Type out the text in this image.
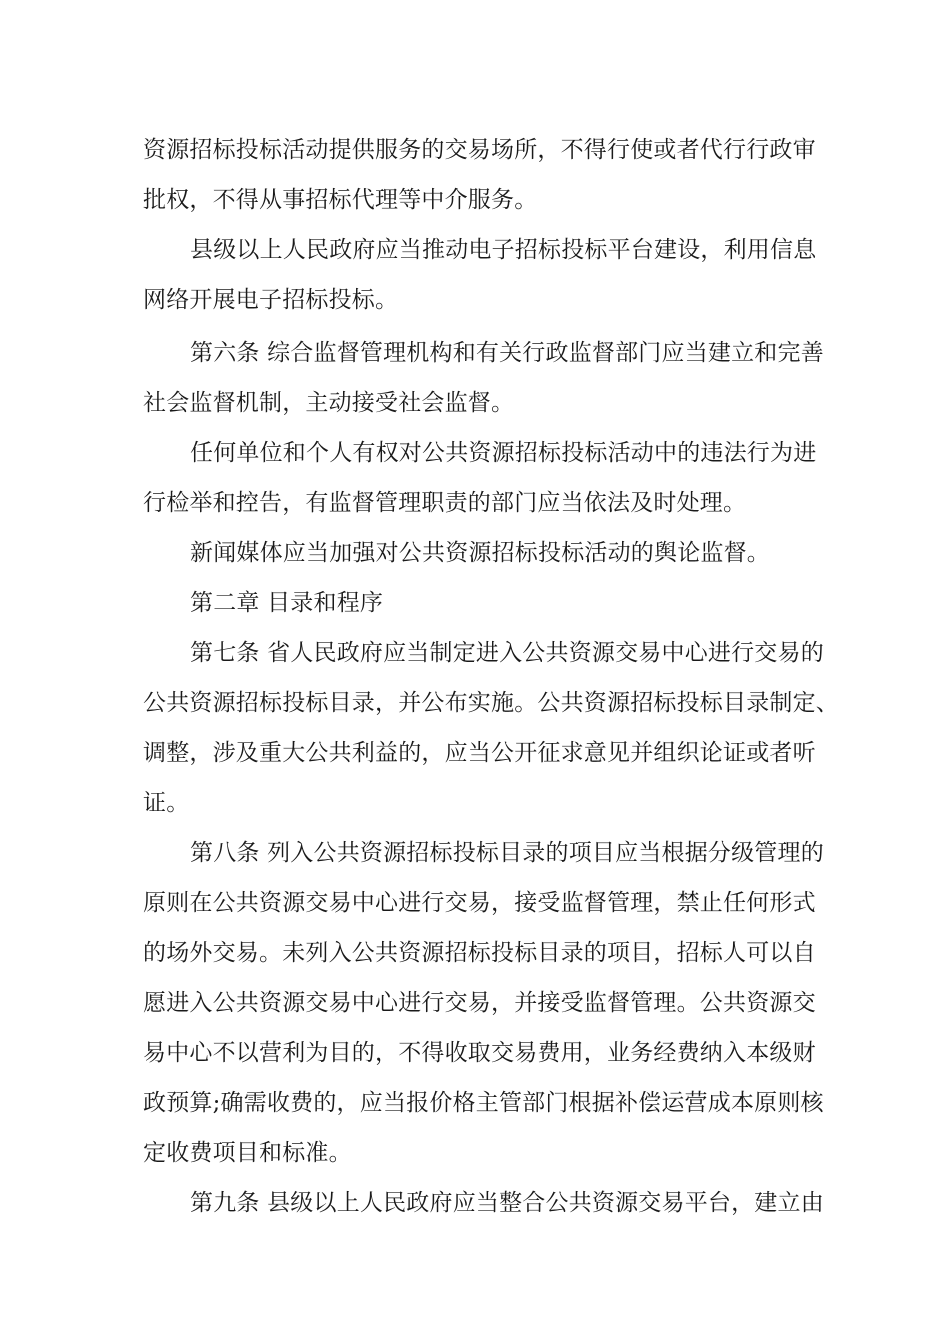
资源招标投标活动提供服务的交易场所，不得行使或者代行行政审

批权，不得从事招标代理等中介服务。

县级以上人民政府应当推动电子招标投标平台建设，利用信息

网络开展电子招标投标。

第六条 综合监督管理机构和有关行政监督部门应当建立和完善

社会监督机制，主动接受社会监督。

任何单位和个人有权对公共资源招标投标活动中的违法行为进

行检举和控告，有监督管理职责的部门应当依法及时处理。

新闻媒体应当加强对公共资源招标投标活动的舆论监督。

第二章 目录和程序

第七条 省人民政府应当制定进入公共资源交易中心进行交易的

公共资源招标投标目录，并公布实施。公共资源招标投标目录制定、

调整，涉及重大公共利益的，应当公开征求意见并组织论证或者听

证。

第八条 列入公共资源招标投标目录的项目应当根据分级管理的

原则在公共资源交易中心进行交易，接受监督管理，禁止任何形式

的场外交易。未列入公共资源招标投标目录的项目，招标人可以自

愿进入公共资源交易中心进行交易，并接受监督管理。公共资源交

易中心不以营利为目的，不得收取交易费用，业务经费纳入本级财

政预算;确需收费的，应当报价格主管部门根据补偿运营成本原则核

定收费项目和标准。

第九条 县级以上人民政府应当整合公共资源交易平台，建立由
